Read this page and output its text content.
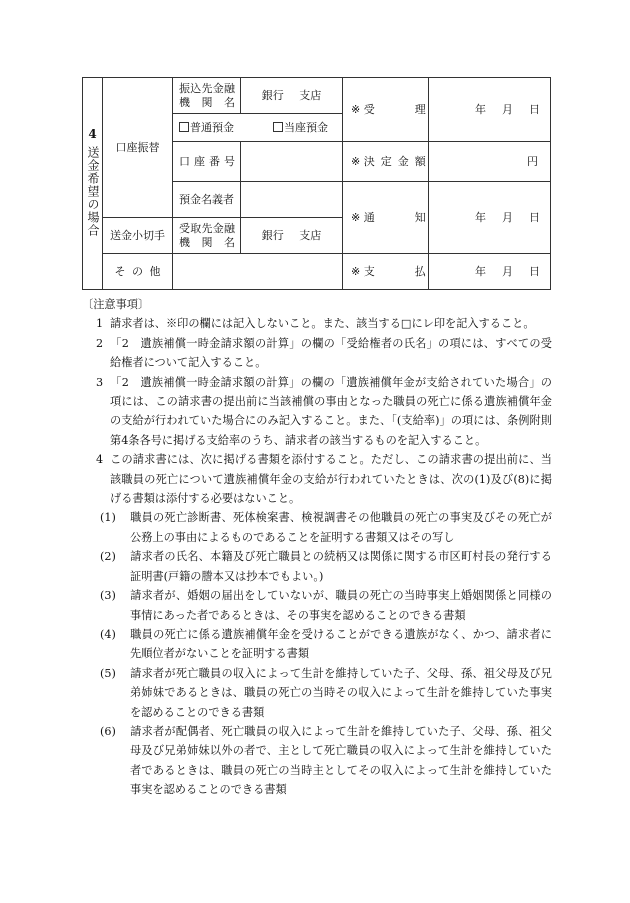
4
送金希望の場合	口座振替	振込先金融機関名	銀行 支店	※ 受理	年 月 日
		普通預金 当座預金			

		口座番号		※ 決定金額	円
		預金名義者		※ 通知	年 月 日
	送金小切手	受取先金融機関名	銀行 支店		

	その他			※ 支払	年 月 日

〔注意事項〕

1 請求者は、※印の欄には記入しないこと。また、該当する□にレ印を記入すること。

2 「2　遺族補償一時金請求額の計算」の欄の「受給権者の氏名」の項には、すべての受給権者について記入すること。

3 「2　遺族補償一時金請求額の計算」の欄の「遺族補償年金が支給されていた場合」の項には、この請求書の提出前に当該補償の事由となった職員の死亡に係る遺族補償年金の支給が行われていた場合にのみ記入すること。また、「(支給率)」の項には、条例附則第4条各号に掲げる支給率のうち、請求者の該当するものを記入すること。

4 この請求書には、次に掲げる書類を添付すること。ただし、この請求書の提出前に、当該職員の死亡について遺族補償年金の支給が行われていたときは、次の(1)及び(8)に掲げる書類は添付する必要はないこと。

(1) 職員の死亡診断書、死体検案書、検視調書その他職員の死亡の事実及びその死亡が公務上の事由によるものであることを証明する書類又はその写し

(2) 請求者の氏名、本籍及び死亡職員との続柄又は関係に関する市区町村長の発行する証明書(戸籍の謄本又は抄本でもよい。)

(3) 請求者が、婚姻の届出をしていないが、職員の死亡の当時事実上婚姻関係と同様の事情にあった者であるときは、その事実を認めることのできる書類

(4) 職員の死亡に係る遺族補償年金を受けることができる遺族がなく、かつ、請求者に先順位者がないことを証明する書類

(5) 請求者が死亡職員の収入によって生計を維持していた子、父母、孫、祖父母及び兄弟姉妹であるときは、職員の死亡の当時その収入によって生計を維持していた事実を認めることのできる書類

(6) 請求者が配偶者、死亡職員の収入によって生計を維持していた子、父母、孫、祖父母及び兄弟姉妹以外の者で、主として死亡職員の収入によって生計を維持していた者であるときは、職員の死亡の当時主としてその収入によって生計を維持していた事実を認めることのできる書類
